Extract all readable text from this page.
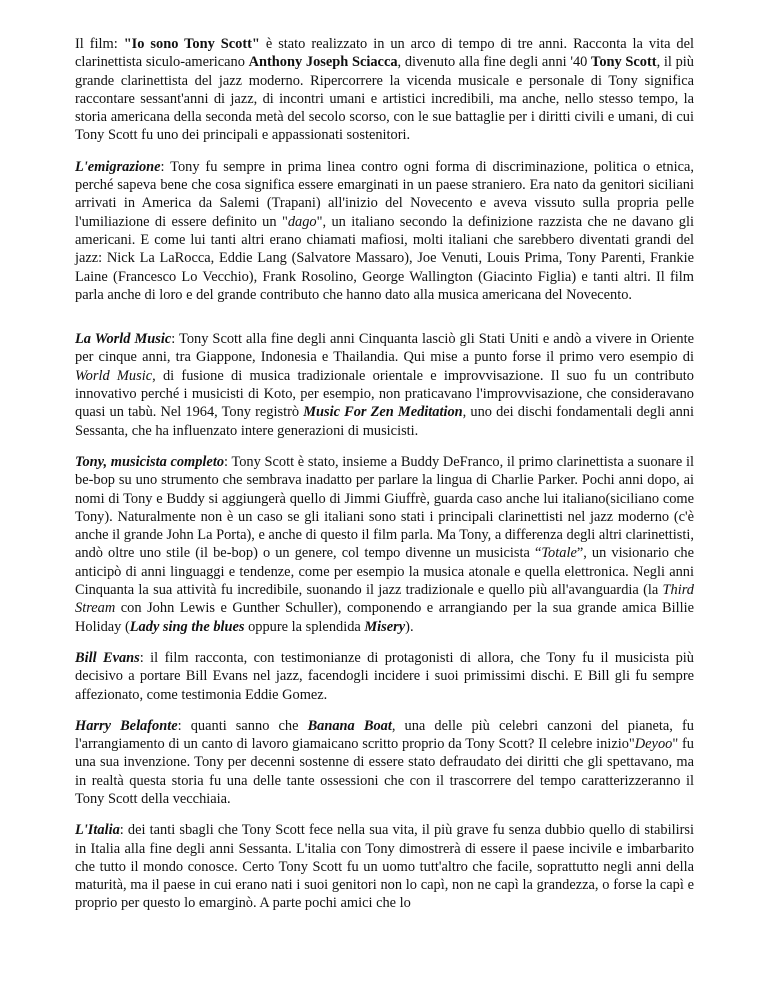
Il film: "Io sono Tony Scott" è stato realizzato in un arco di tempo di tre anni. Racconta la vita del clarinettista siculo-americano Anthony Joseph Sciacca, divenuto alla fine degli anni '40 Tony Scott, il più grande clarinettista del jazz moderno. Ripercorrere la vicenda musicale e personale di Tony significa raccontare sessant'anni di jazz, di incontri umani e artistici incredibili, ma anche, nello stesso tempo, la storia americana della seconda metà del secolo scorso, con le sue battaglie per i diritti civili e umani, di cui Tony Scott fu uno dei principali e appassionati sostenitori.

L'emigrazione: Tony fu sempre in prima linea contro ogni forma di discriminazione, politica o etnica, perché sapeva bene che cosa significa essere emarginati in un paese straniero. Era nato da genitori siciliani arrivati in America da Salemi (Trapani) all'inizio del Novecento e aveva vissuto sulla propria pelle l'umiliazione di essere definito un "dago", un italiano secondo la definizione razzista che ne davano gli americani. E come lui tanti altri erano chiamati mafiosi, molti italiani che sarebbero diventati grandi del jazz: Nick La LaRocca, Eddie Lang (Salvatore Massaro), Joe Venuti, Louis Prima, Tony Parenti, Frankie Laine (Francesco Lo Vecchio), Frank Rosolino, George Wallington (Giacinto Figlia) e tanti altri. Il film parla anche di loro e del grande contributo che hanno dato alla musica americana del Novecento.

La World Music: Tony Scott alla fine degli anni Cinquanta lasciò gli Stati Uniti e andò a vivere in Oriente per cinque anni, tra Giappone, Indonesia e Thailandia. Qui mise a punto forse il primo vero esempio di World Music, di fusione di musica tradizionale orientale e improvvisazione. Il suo fu un contributo innovativo perché i musicisti di Koto, per esempio, non praticavano l'improvvisazione, che consideravano quasi un tabù. Nel 1964, Tony registrò Music For Zen Meditation, uno dei dischi fondamentali degli anni Sessanta, che ha influenzato intere generazioni di musicisti.

Tony, musicista completo: Tony Scott è stato, insieme a Buddy DeFranco, il primo clarinettista a suonare il be-bop su uno strumento che sembrava inadatto per parlare la lingua di Charlie Parker. Pochi anni dopo, ai nomi di Tony e Buddy si aggiungerà quello di Jimmi Giuffrè, guarda caso anche lui italiano(siciliano come Tony). Naturalmente non è un caso se gli italiani sono stati i principali clarinettisti nel jazz moderno (c'è anche il grande John La Porta), e anche di questo il film parla. Ma Tony, a differenza degli altri clarinettisti, andò oltre uno stile (il be-bop) o un genere, col tempo divenne un musicista “Totale”, un visionario che anticipò di anni linguaggi e tendenze, come per esempio la musica atonale e quella elettronica. Negli anni Cinquanta la sua attività fu incredibile, suonando il jazz tradizionale e quello più all'avanguardia (la Third Stream con John Lewis e Gunther Schuller), componendo e arrangiando per la sua grande amica Billie Holiday (Lady sing the blues oppure la splendida Misery).

Bill Evans: il film racconta, con testimonianze di protagonisti di allora, che Tony fu il musicista più decisivo a portare Bill Evans nel jazz, facendogli incidere i suoi primissimi dischi. E Bill gli fu sempre affezionato, come testimonia Eddie Gomez.

Harry Belafonte: quanti sanno che Banana Boat, una delle più celebri canzoni del pianeta, fu l'arrangiamento di un canto di lavoro giamaicano scritto proprio da Tony Scott? Il celebre inizio"Deyoo" fu una sua invenzione. Tony per decenni sostenne di essere stato defraudato dei diritti che gli spettavano, ma in realtà questa storia fu una delle tante ossessioni che con il trascorrere del tempo caratterizzeranno il Tony Scott della vecchiaia.

L'Italia: dei tanti sbagli che Tony Scott fece nella sua vita, il più grave fu senza dubbio quello di stabilirsi in Italia alla fine degli anni Sessanta. L'italia con Tony dimostrerà di essere il paese incivile e imbarbarito che tutto il mondo conosce. Certo Tony Scott fu un uomo tutt'altro che facile, soprattutto negli anni della maturità, ma il paese in cui erano nati i suoi genitori non lo capì, non ne capì la grandezza, o forse la capì e proprio per questo lo emarginò. A parte pochi amici che lo
